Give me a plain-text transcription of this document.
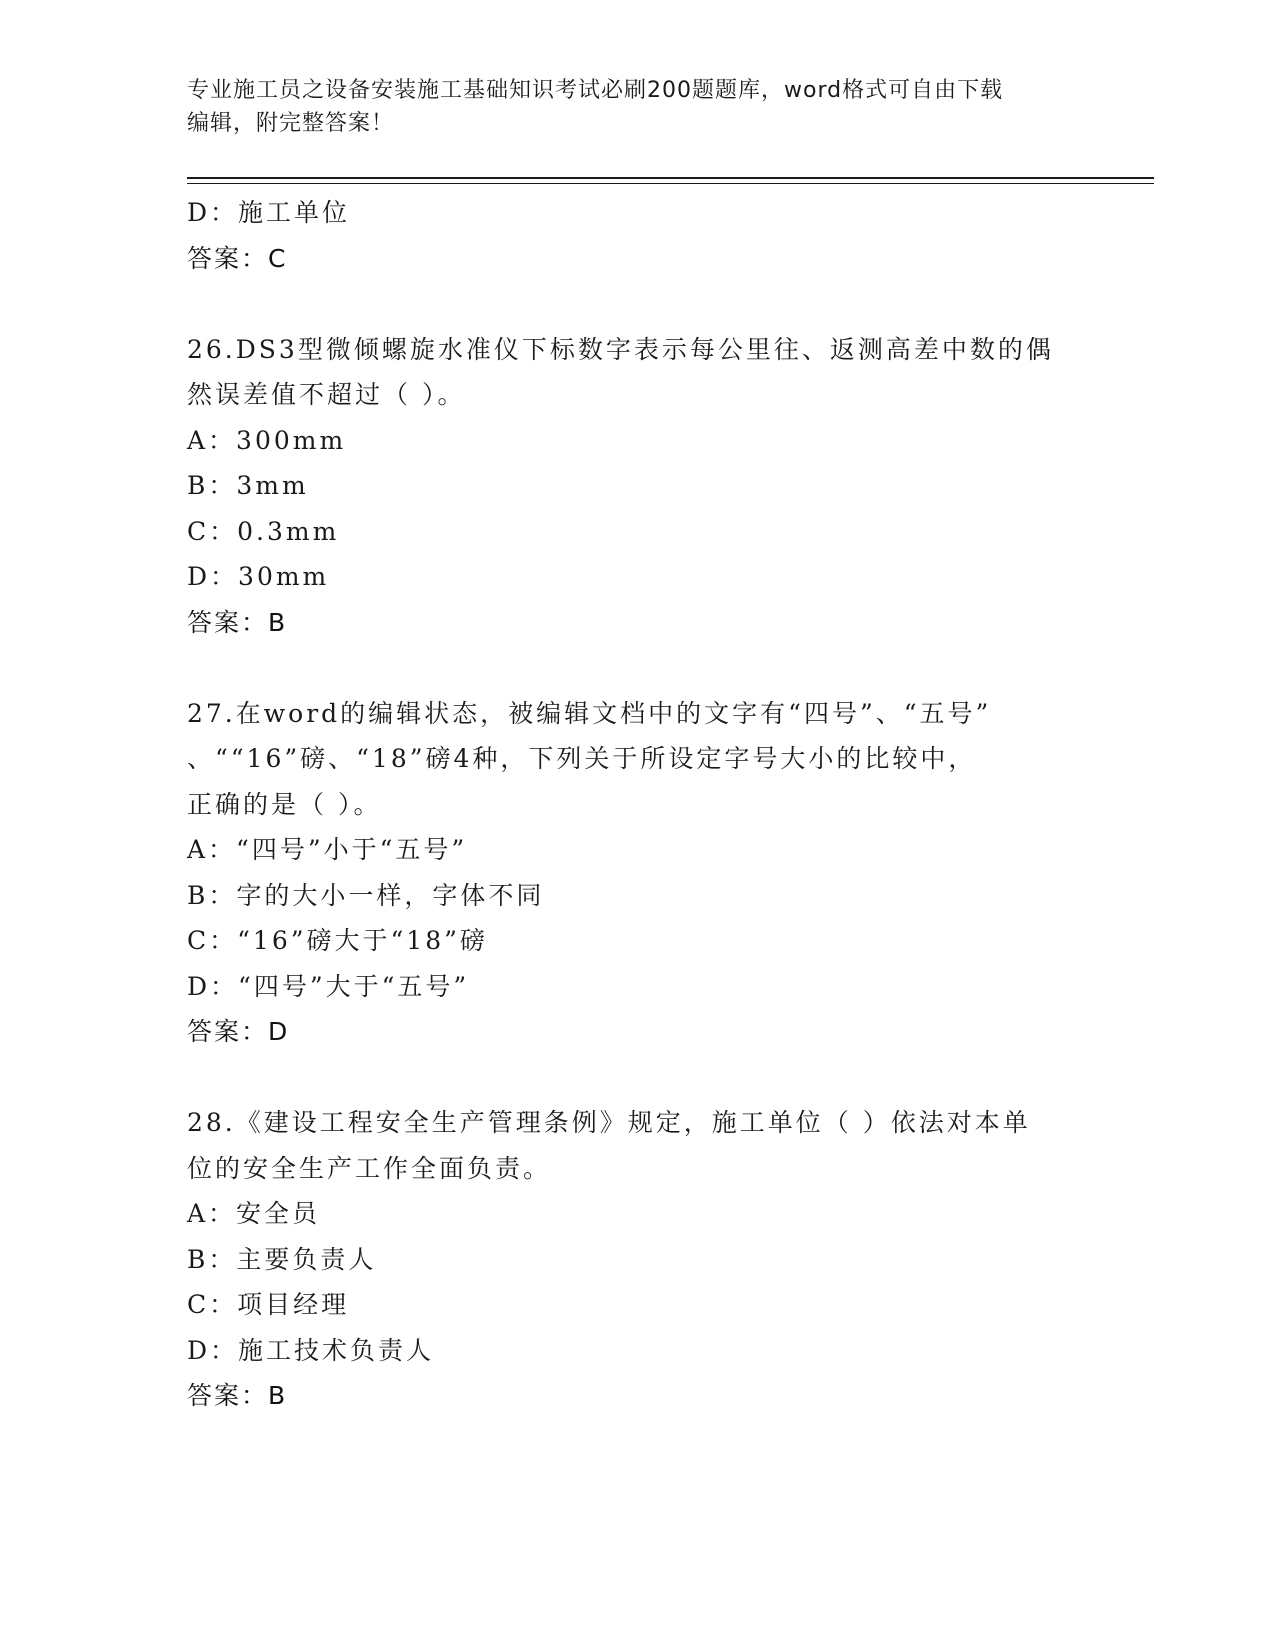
专业施工员之设备安装施工基础知识考试必刷200题题库，word格式可自由下载
编辑，附完整答案！
D：施工单位
答案：C
26.DS3型微倾螺旋水准仪下标数字表示每公里往、返测高差中数的偶
然误差值不超过（ ）。
A：300mm
B：3mm
C：0.3mm
D：30mm
答案：B
27.在word的编辑状态，被编辑文档中的文字有“四号”、“五号”
、““16”磅、“18”磅4种，下列关于所设定字号大小的比较中，
正确的是（ ）。
A：“四号”小于“五号”
B：字的大小一样，字体不同
C：“16”磅大于“18”磅
D：“四号”大于“五号”
答案：D
28.《建设工程安全生产管理条例》规定，施工单位（ ）依法对本单
位的安全生产工作全面负责。
A：安全员
B：主要负责人
C：项目经理
D：施工技术负责人
答案：B
